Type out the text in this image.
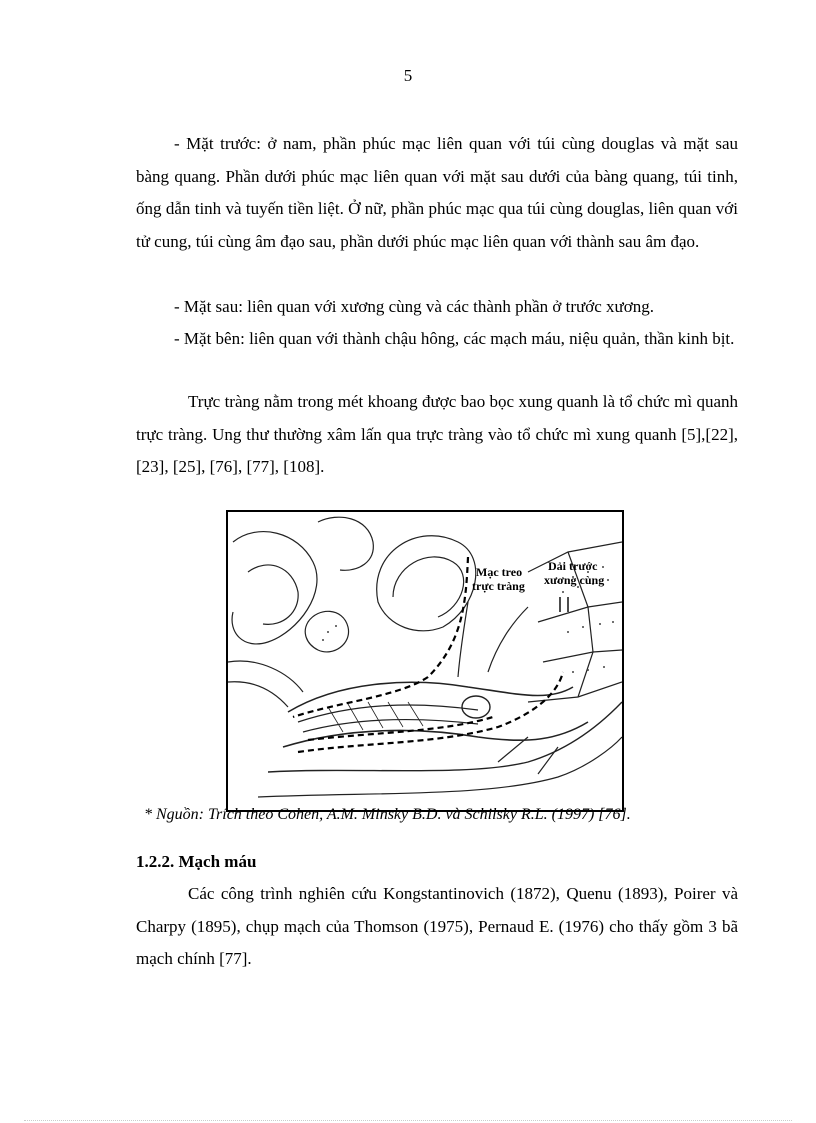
5

- Mặt trước: ở nam, phần phúc mạc liên quan với túi cùng douglas và mặt sau bàng quang. Phần dưới phúc mạc liên quan với mặt sau dưới của bàng quang, túi tinh, ống dẫn tinh và tuyến tiền liệt. Ở nữ, phần phúc mạc qua túi cùng douglas, liên quan với tử cung, túi cùng âm đạo sau, phần dưới phúc mạc liên quan với thành sau âm đạo.

- Mặt sau: liên quan với xương cùng và các thành phần ở trước xương.

- Mặt bên: liên quan với thành chậu hông, các mạch máu, niệu quản, thần kinh bịt.

Trực tràng nằm trong mét khoang được bao bọc xung quanh là tổ chức mì quanh trực tràng. Ung thư thường xâm lấn qua trực tràng vào tổ chức mì xung quanh [5],[22], [23], [25], [76], [77], [108].

Mạc treo
trực tràng
Dải trước
xương cùng

* Nguồn: Trích theo Cohen, A.M. Minsky B.D. và Schilsky R.L. (1997) [76].

1.2.2. Mạch máu

Các công trình nghiên cứu Kongstantinovich (1872), Quenu (1893), Poirer và Charpy (1895), chụp mạch của Thomson (1975), Pernaud E. (1976) cho thấy gồm 3 bã mạch chính [77].
